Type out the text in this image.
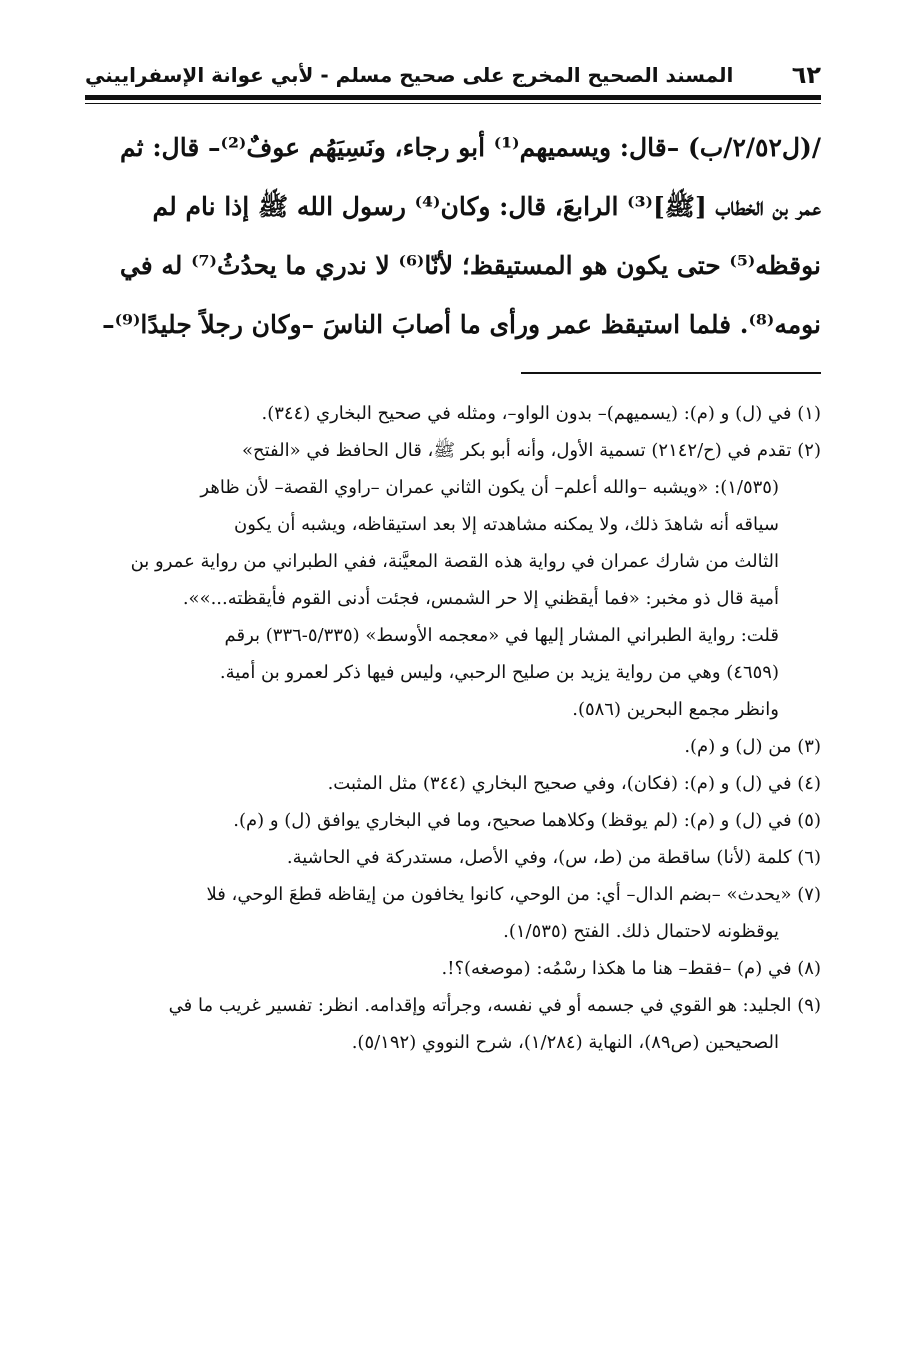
٦٢
المسند الصحيح المخرج على صحيح مسلم - لأبي عوانة الإسفراييني
/(ل٢/٥٢/ب) –قال: ويسميهم⁽¹⁾ أبو رجاء، ونَسِيَهُم عوفٌ⁽²⁾– قال: ثم
عمر بن الخطاب [ﷺ]⁽³⁾ الرابعَ، قال: وكان⁽⁴⁾ رسول الله ﷺ إذا نام لم
نوقظه⁽⁵⁾ حتى يكون هو المستيقظ؛ لأنّا⁽⁶⁾ لا ندري ما يحدُثُ⁽⁷⁾ له في
نومه⁽⁸⁾. فلما استيقظ عمر ورأى ما أصابَ الناسَ –وكان رجلاً جليدًا⁽⁹⁾–
(١) في (ل) و (م): (يسميهم)– بدون الواو–، ومثله في صحيح البخاري (٣٤٤).
(٢) تقدم في (ح/٢١٤٢) تسمية الأول، وأنه أبو بكر ﷺ، قال الحافظ في «الفتح»
(١/٥٣٥): «ويشبه –والله أعلم– أن يكون الثاني عمران –راوي القصة– لأن ظاهر
سياقه أنه شاهدَ ذلك، ولا يمكنه مشاهدته إلا بعد استيقاظه، ويشبه أن يكون
الثالث من شارك عمران في رواية هذه القصة المعيَّنة، ففي الطبراني من رواية عمرو بن
أمية قال ذو مخبر: «فما أيقظني إلا حر الشمس، فجئت أدنى القوم فأيقظته...»».
قلت: رواية الطبراني المشار إليها في «معجمه الأوسط» (٥/٣٣٥-٣٣٦) برقم
(٤٦٥٩) وهي من رواية يزيد بن صليح الرحبي، وليس فيها ذكر لعمرو بن أمية.
وانظر مجمع البحرين (٥٨٦).
(٣) من (ل) و (م).
(٤) في (ل) و (م): (فكان)، وفي صحيح البخاري (٣٤٤) مثل المثبت.
(٥) في (ل) و (م): (لم يوقظ) وكلاهما صحيح، وما في البخاري يوافق (ل) و (م).
(٦) كلمة (لأنا) ساقطة من (ط، س)، وفي الأصل، مستدركة في الحاشية.
(٧) «يحدث» –بضم الدال– أي: من الوحي، كانوا يخافون من إيقاظه قطعَ الوحي، فلا
يوقظونه لاحتمال ذلك. الفتح (١/٥٣٥).
(٨) في (م) –فقط– هنا ما هكذا رسْمُه: (موصغه)؟!.
(٩) الجليد: هو القوي في جسمه أو في نفسه، وجرأته وإقدامه. انظر: تفسير غريب ما في
الصحيحين (ص٨٩)، النهاية (١/٢٨٤)، شرح النووي (٥/١٩٢).
